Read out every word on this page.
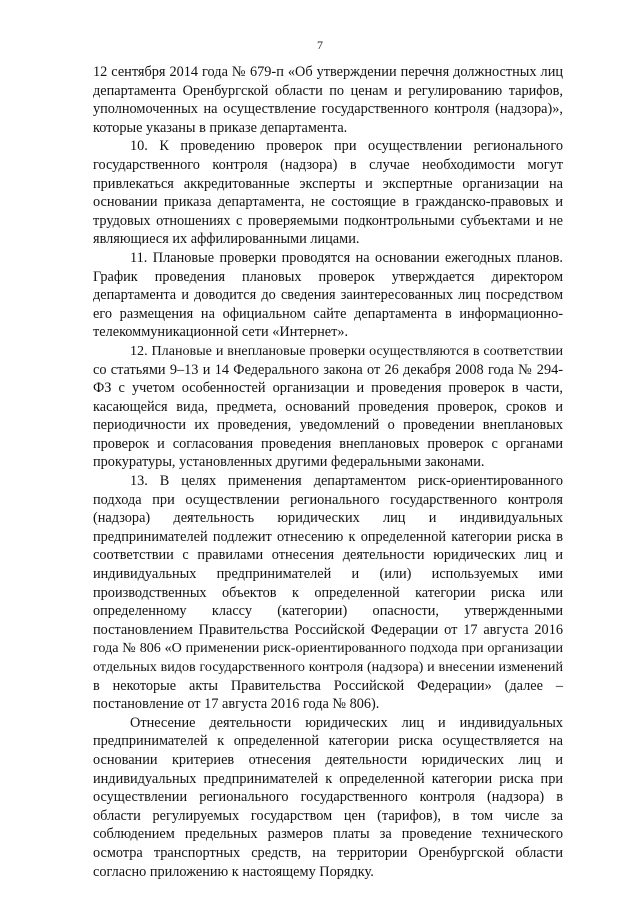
7
12 сентября 2014 года № 679-п «Об утверждении перечня должностных лиц
департамента Оренбургской области по ценам и регулированию тарифов,
уполномоченных на осуществление государственного контроля (надзора)»,
которые указаны в приказе департамента.
10. К проведению проверок при осуществлении регионального
государственного контроля (надзора) в случае необходимости могут
привлекаться аккредитованные эксперты и экспертные организации на
основании приказа департамента, не состоящие в гражданско-правовых и
трудовых отношениях с проверяемыми подконтрольными субъектами и не
являющиеся их аффилированными лицами.
11. Плановые проверки проводятся на основании ежегодных планов.
График проведения плановых проверок утверждается директором
департамента и доводится до сведения заинтересованных лиц посредством
его размещения на официальном сайте департамента в информационно-
телекоммуникационной сети «Интернет».
12. Плановые и внеплановые проверки осуществляются в соответствии
со статьями 9–13 и 14 Федерального закона от 26 декабря 2008 года № 294-
ФЗ с учетом особенностей организации и проведения проверок в части,
касающейся вида, предмета, оснований проведения проверок, сроков и
периодичности их проведения, уведомлений о проведении внеплановых
проверок и согласования проведения внеплановых проверок с органами
прокуратуры, установленных другими федеральными законами.
13. В целях применения департаментом риск-ориентированного
подхода при осуществлении регионального государственного контроля
(надзора) деятельность юридических лиц и индивидуальных
предпринимателей подлежит отнесению к определенной категории риска в
соответствии с правилами отнесения деятельности юридических лиц и
индивидуальных предпринимателей и (или) используемых ими
производственных объектов к определенной категории риска или
определенному классу (категории) опасности, утвержденными
постановлением Правительства Российской Федерации от 17 августа 2016
года № 806 «О применении риск-ориентированного подхода при организации
отдельных видов государственного контроля (надзора) и внесении изменений
в некоторые акты Правительства Российской Федерации» (далее –
постановление от 17 августа 2016 года № 806).
Отнесение деятельности юридических лиц и индивидуальных
предпринимателей к определенной категории риска осуществляется на
основании критериев отнесения деятельности юридических лиц и
индивидуальных предпринимателей к определенной категории риска при
осуществлении регионального государственного контроля (надзора) в
области регулируемых государством цен (тарифов), в том числе за
соблюдением предельных размеров платы за проведение технического
осмотра транспортных средств, на территории Оренбургской области
согласно приложению к настоящему Порядку.
